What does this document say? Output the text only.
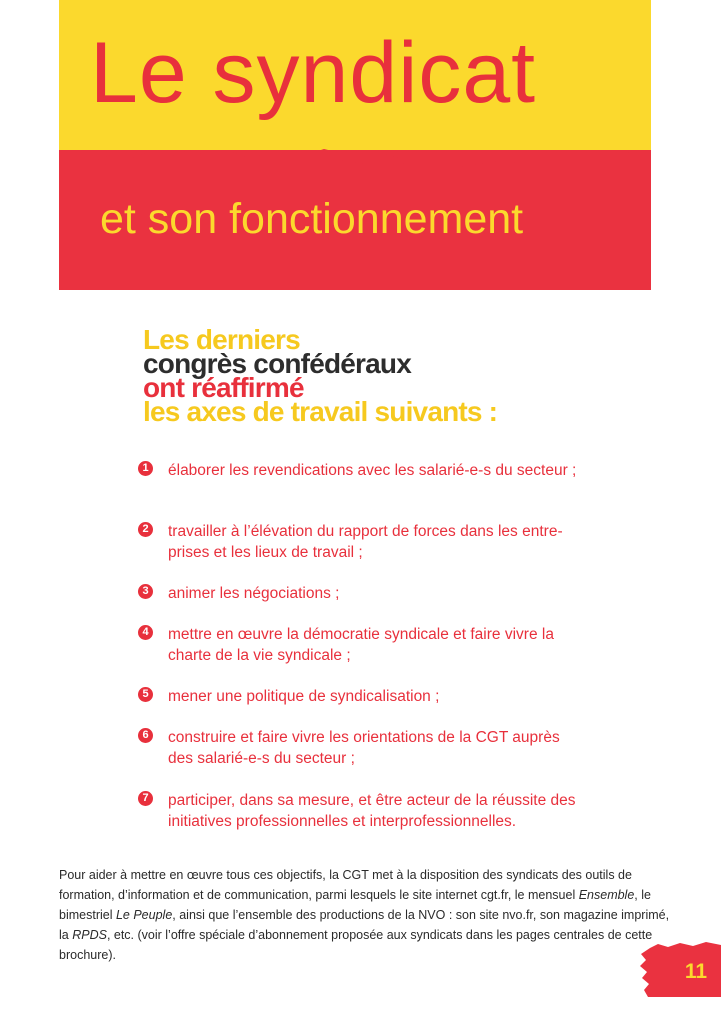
Le syndicat
et son fonctionnement
Les derniers
congrès confédéraux
ont réaffirmé
les axes de travail suivants :
1 élaborer les revendications avec les salarié-e-s du secteur ;
2 travailler à l’élévation du rapport de forces dans les entre-prises et les lieux de travail ;
3 animer les négociations ;
4 mettre en œuvre la démocratie syndicale et faire vivre la charte de la vie syndicale ;
5 mener une politique de syndicalisation ;
6 construire et faire vivre les orientations de la CGT auprès des salarié-e-s du secteur ;
7 participer, dans sa mesure, et être acteur de la réussite des initiatives professionnelles et interprofessionnelles.

Pour aider à mettre en œuvre tous ces objectifs, la CGT met à la disposition des syndicats des outils de formation, d’information et de communication, parmi lesquels le site internet cgt.fr, le mensuel Ensemble, le bimestriel Le Peuple, ainsi que l’ensemble des productions de la NVO : son site nvo.fr, son magazine imprimé, la RPDS, etc. (voir l’offre spéciale d’abonnement proposée aux syndicats dans les pages centrales de cette brochure).

11
